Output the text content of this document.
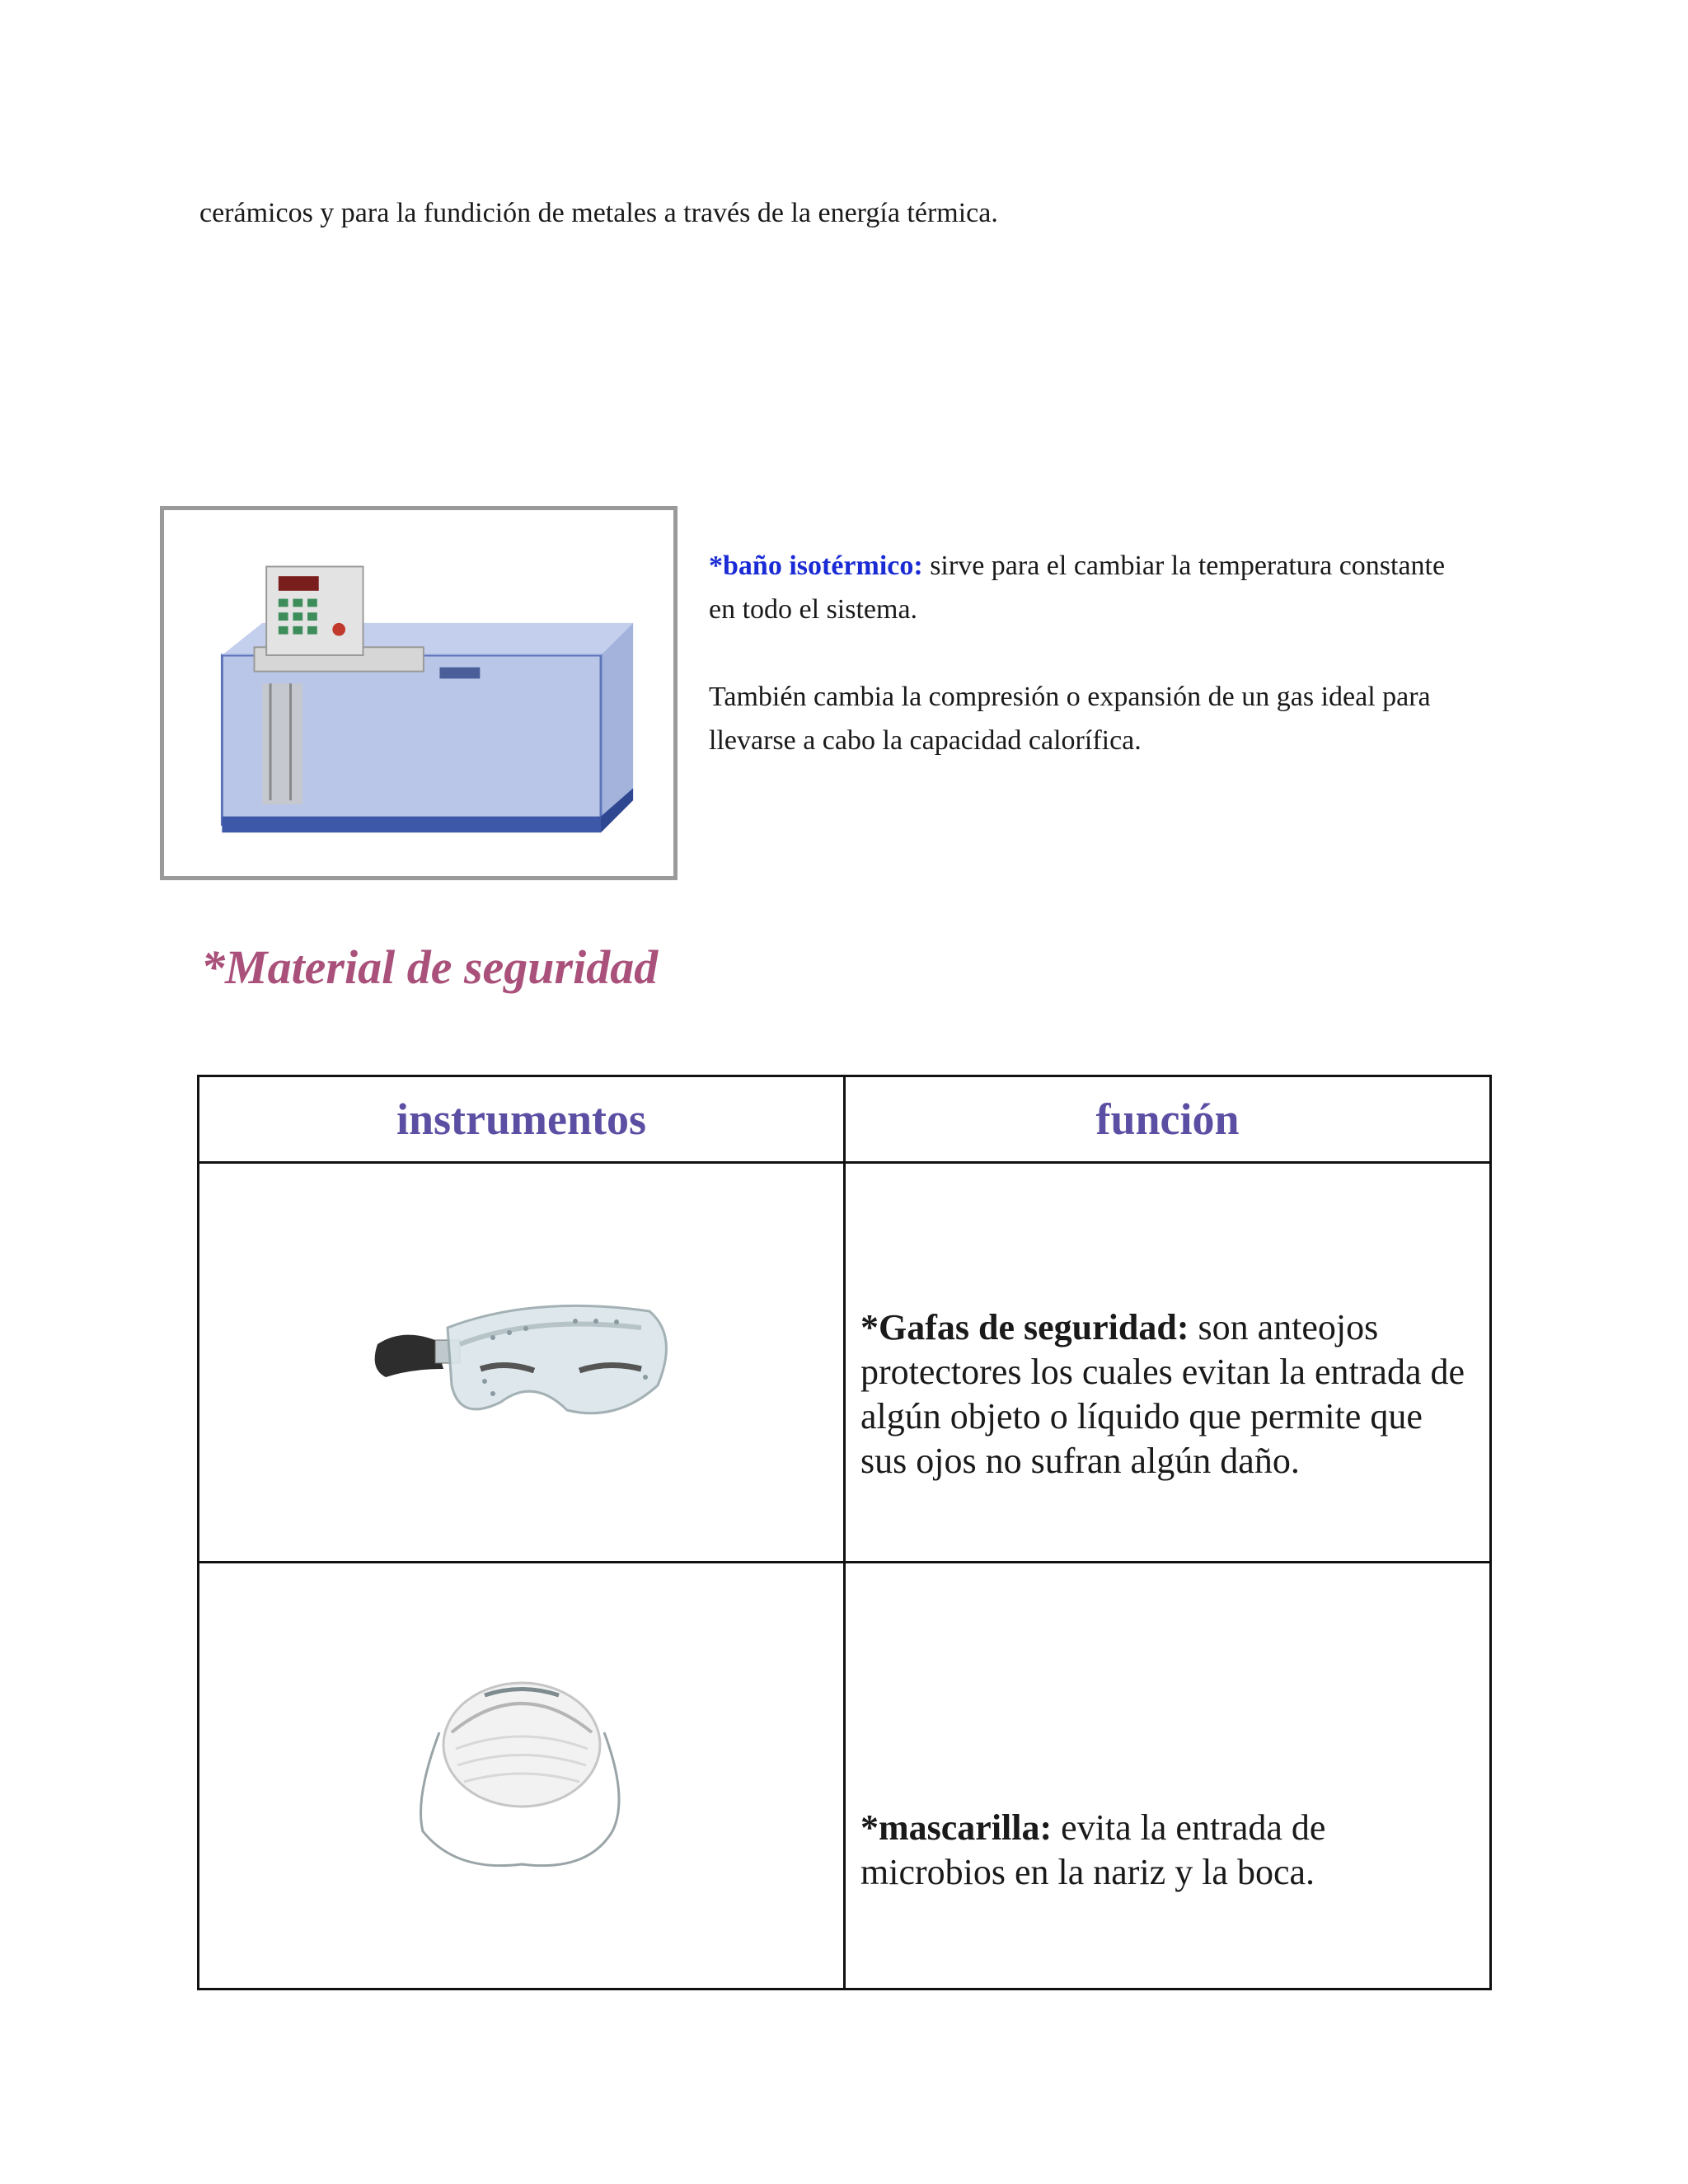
cerámicos y para la fundición de metales a través de la energía térmica.

*baño isotérmico: sirve para el cambiar la temperatura constante en todo el sistema.

También cambia la compresión o expansión de un gas ideal para llevarse a cabo la capacidad calorífica.

*Material de seguridad
instrumentos	función
	*Gafas de seguridad: son anteojos protectores los cuales evitan la entrada de algún objeto o líquido que permite que sus ojos no sufran algún daño.
	*mascarilla: evita la entrada de microbios en la nariz y la boca.
